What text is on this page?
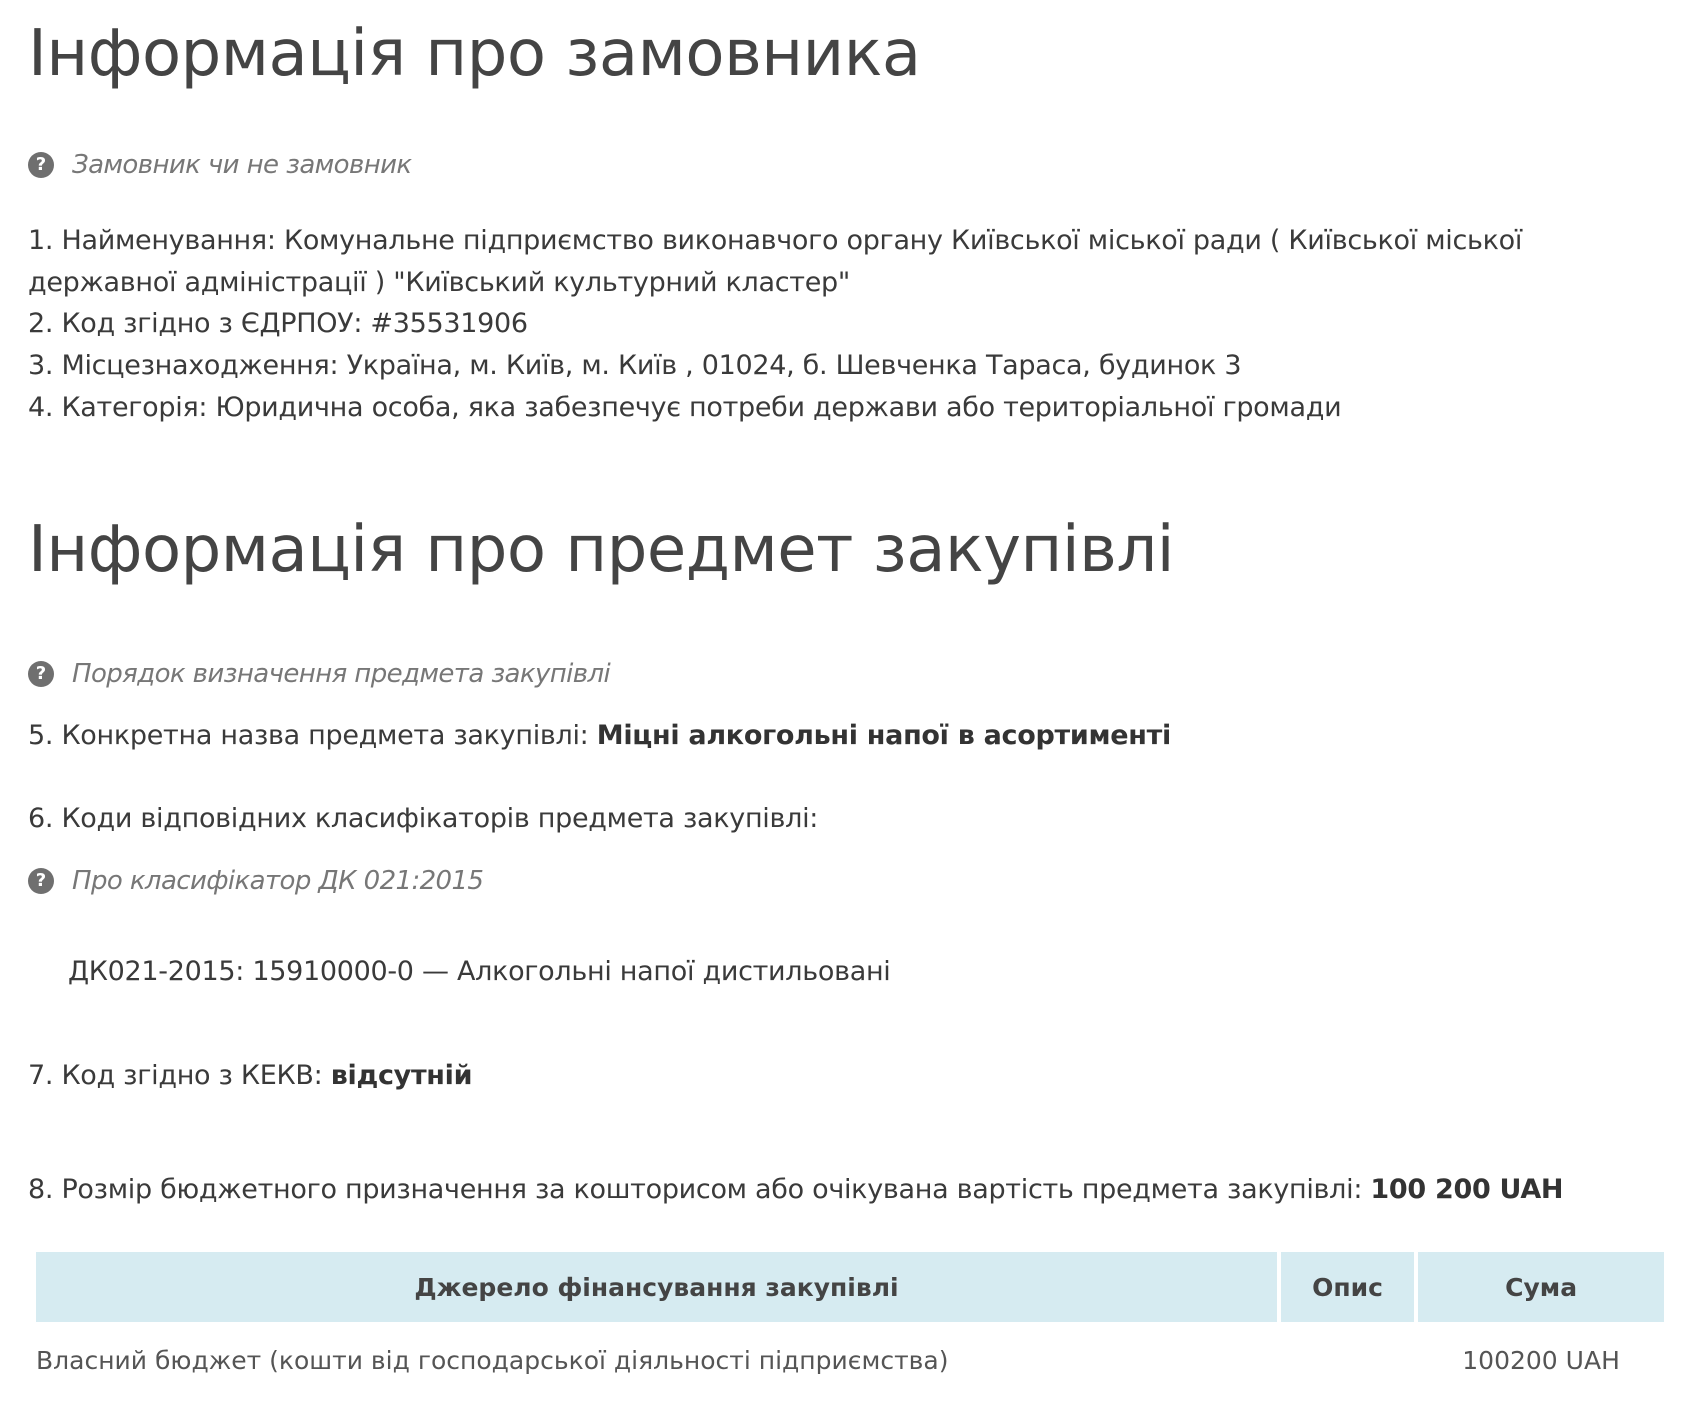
Інформація про замовника
? Замовник чи не замовник
1. Найменування: Комунальне підприємство виконавчого органу Київської міської ради ( Київської міської державної адміністрації ) "Київський культурний кластер"
2. Код згідно з ЄДРПОУ: #35531906
3. Місцезнаходження: Україна, м. Київ, м. Київ , 01024, б. Шевченка Тараса, будинок 3
4. Категорія: Юридична особа, яка забезпечує потреби держави або територіальної громади
Інформація про предмет закупівлі
? Порядок визначення предмета закупівлі
5. Конкретна назва предмета закупівлі: Міцні алкогольні напої в асортименті
6. Коди відповідних класифікаторів предмета закупівлі:
? Про класифікатор ДК 021:2015
ДК021-2015: 15910000-0 — Алкогольні напої дистильовані
7. Код згідно з КЕКВ: відсутній
8. Розмір бюджетного призначення за кошторисом або очікувана вартість предмета закупівлі: 100 200 UAH
Джерело фінансування закупівлі	Опис	Сума
Власний бюджет (кошти від господарської діяльності підприємства)		100200 UAH
